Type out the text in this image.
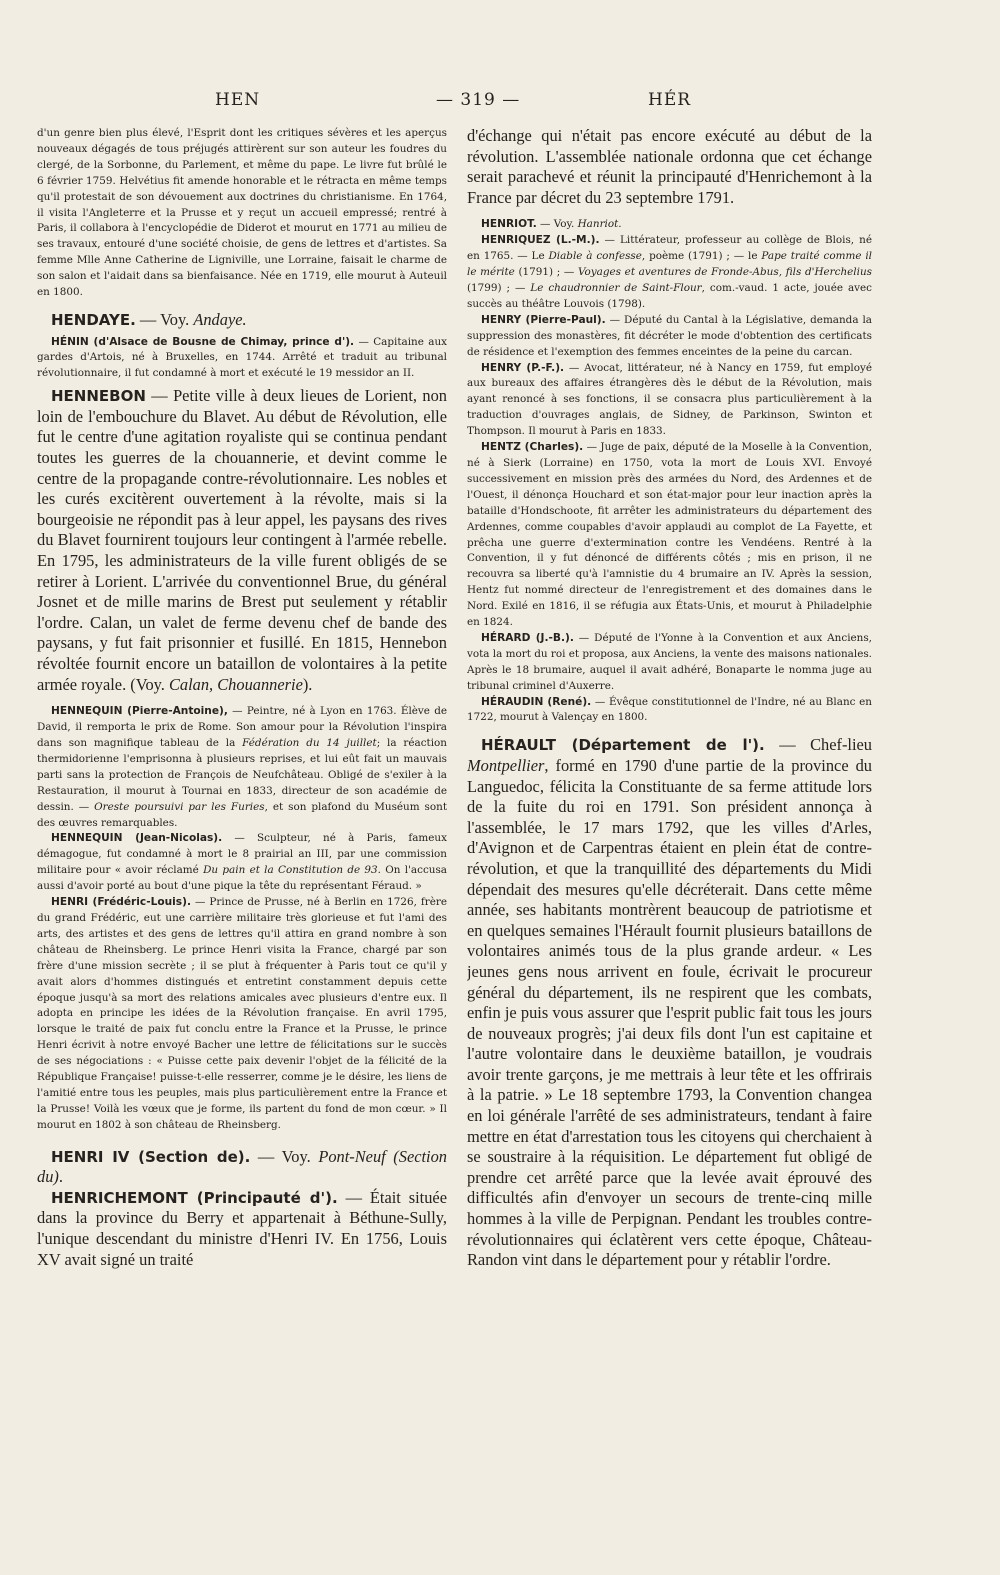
HEN	— 319 —	HÉR

d'un genre bien plus élevé, l'Esprit dont les critiques sévères et les aperçus nouveaux dégagés de tous préjugés attirèrent sur son auteur les foudres du clergé, de la Sorbonne, du Parlement, et même du pape. Le livre fut brûlé le 6 février 1759. Helvétius fit amende honorable et le rétracta en même temps qu'il protestait de son dévouement aux doctrines du christianisme. En 1764, il visita l'Angleterre et la Prusse et y reçut un accueil empressé; rentré à Paris, il collabora à l'encyclopédie de Diderot et mourut en 1771 au milieu de ses travaux, entouré d'une société choisie, de gens de lettres et d'artistes. Sa femme Mlle Anne Catherine de Ligniville, une Lorraine, faisait le charme de son salon et l'aidait dans sa bienfaisance. Née en 1719, elle mourut à Auteuil en 1800.

HENDAYE. — Voy. Andaye.

HÉNIN (d'Alsace de Bousne de Chimay, prince d'). — Capitaine aux gardes d'Artois, né à Bruxelles, en 1744. Arrêté et traduit au tribunal révolutionnaire, il fut condamné à mort et exécuté le 19 messidor an II.

HENNEBON — Petite ville à deux lieues de Lorient, non loin de l'embouchure du Blavet. Au début de Révolution, elle fut le centre d'une agitation royaliste qui se continua pendant toutes les guerres de la chouannerie, et devint comme le centre de la propagande contre-révolutionnaire. Les nobles et les curés excitèrent ouvertement à la révolte, mais si la bourgeoisie ne répondit pas à leur appel, les paysans des rives du Blavet fournirent toujours leur contingent à l'armée rebelle. En 1795, les administrateurs de la ville furent obligés de se retirer à Lorient. L'arrivée du conventionnel Brue, du général Josnet et de mille marins de Brest put seulement y rétablir l'ordre. Calan, un valet de ferme devenu chef de bande des paysans, y fut fait prisonnier et fusillé. En 1815, Hennebon révoltée fournit encore un bataillon de volontaires à la petite armée royale. (Voy. Calan, Chouannerie).

HENNEQUIN (Pierre-Antoine), — Peintre, né à Lyon en 1763. Élève de David, il remporta le prix de Rome. Son amour pour la Révolution l'inspira dans son magnifique tableau de la Fédération du 14 juillet; la réaction thermidorienne l'emprisonna à plusieurs reprises, et lui eût fait un mauvais parti sans la protection de François de Neufchâteau. Obligé de s'exiler à la Restauration, il mourut à Tournai en 1833, directeur de son académie de dessin. — Oreste poursuivi par les Furies, et son plafond du Muséum sont des œuvres remarquables.

HENNEQUIN (Jean-Nicolas). — Sculpteur, né à Paris, fameux démagogue, fut condamné à mort le 8 prairial an III, par une commission militaire pour « avoir réclamé Du pain et la Constitution de 93. On l'accusa aussi d'avoir porté au bout d'une pique la tête du représentant Féraud. »

HENRI (Frédéric-Louis). — Prince de Prusse, né à Berlin en 1726, frère du grand Frédéric, eut une carrière militaire très glorieuse et fut l'ami des arts, des artistes et des gens de lettres qu'il attira en grand nombre à son château de Rheinsberg. Le prince Henri visita la France, chargé par son frère d'une mission secrète ; il se plut à fréquenter à Paris tout ce qu'il y avait alors d'hommes distingués et entretint constamment depuis cette époque jusqu'à sa mort des relations amicales avec plusieurs d'entre eux. Il adopta en principe les idées de la Révolution française. En avril 1795, lorsque le traité de paix fut conclu entre la France et la Prusse, le prince Henri écrivit à notre envoyé Bacher une lettre de félicitations sur le succès de ses négociations : « Puisse cette paix devenir l'objet de la félicité de la République Française! puisse-t-elle resserrer, comme je le désire, les liens de l'amitié entre tous les peuples, mais plus particulièrement entre la France et la Prusse! Voilà les vœux que je forme, ils partent du fond de mon cœur. » Il mourut en 1802 à son château de Rheinsberg.

HENRI IV (Section de). — Voy. Pont-Neuf (Section du).

HENRICHEMONT (Principauté d'). — Était située dans la province du Berry et appartenait à Béthune-Sully, l'unique descendant du ministre d'Henri IV. En 1756, Louis XV avait signé un traité

d'échange qui n'était pas encore exécuté au début de la révolution. L'assemblée nationale ordonna que cet échange serait parachevé et réunit la principauté d'Henrichemont à la France par décret du 23 septembre 1791.

HENRIOT. — Voy. Hanriot.

HENRIQUEZ (L.-M.). — Littérateur, professeur au collège de Blois, né en 1765. — Le Diable à confesse, poème (1791) ; — le Pape traité comme il le mérite (1791) ; — Voyages et aventures de Fronde-Abus, fils d'Herchelius (1799) ; — Le chaudronnier de Saint-Flour, com.-vaud. 1 acte, jouée avec succès au théâtre Louvois (1798).

HENRY (Pierre-Paul). — Député du Cantal à la Législative, demanda la suppression des monastères, fit décréter le mode d'obtention des certificats de résidence et l'exemption des femmes enceintes de la peine du carcan.

HENRY (P.-F.). — Avocat, littérateur, né à Nancy en 1759, fut employé aux bureaux des affaires étrangères dès le début de la Révolution, mais ayant renoncé à ses fonctions, il se consacra plus particulièrement à la traduction d'ouvrages anglais, de Sidney, de Parkinson, Swinton et Thompson. Il mourut à Paris en 1833.

HENTZ (Charles). — Juge de paix, député de la Moselle à la Convention, né à Sierk (Lorraine) en 1750, vota la mort de Louis XVI. Envoyé successivement en mission près des armées du Nord, des Ardennes et de l'Ouest, il dénonça Houchard et son état-major pour leur inaction après la bataille d'Hondschoote, fit arrêter les administrateurs du département des Ardennes, comme coupables d'avoir applaudi au complot de La Fayette, et prêcha une guerre d'extermination contre les Vendéens. Rentré à la Convention, il y fut dénoncé de différents côtés ; mis en prison, il ne recouvra sa liberté qu'à l'amnistie du 4 brumaire an IV. Après la session, Hentz fut nommé directeur de l'enregistrement et des domaines dans le Nord. Exilé en 1816, il se réfugia aux États-Unis, et mourut à Philadelphie en 1824.

HÉRARD (J.-B.). — Député de l'Yonne à la Convention et aux Anciens, vota la mort du roi et proposa, aux Anciens, la vente des maisons nationales. Après le 18 brumaire, auquel il avait adhéré, Bonaparte le nomma juge au tribunal criminel d'Auxerre.

HÉRAUDIN (René). — Évêque constitutionnel de l'Indre, né au Blanc en 1722, mourut à Valençay en 1800.

HÉRAULT (Département de l'). — Chef-lieu Montpellier, formé en 1790 d'une partie de la province du Languedoc, félicita la Constituante de sa ferme attitude lors de la fuite du roi en 1791. Son président annonça à l'assemblée, le 17 mars 1792, que les villes d'Arles, d'Avignon et de Carpentras étaient en plein état de contre-révolution, et que la tranquillité des départements du Midi dépendait des mesures qu'elle décréterait. Dans cette même année, ses habitants montrèrent beaucoup de patriotisme et en quelques semaines l'Hérault fournit plusieurs bataillons de volontaires animés tous de la plus grande ardeur. « Les jeunes gens nous arrivent en foule, écrivait le procureur général du département, ils ne respirent que les combats, enfin je puis vous assurer que l'esprit public fait tous les jours de nouveaux progrès; j'ai deux fils dont l'un est capitaine et l'autre volontaire dans le deuxième bataillon, je voudrais avoir trente garçons, je me mettrais à leur tête et les offrirais à la patrie. » Le 18 septembre 1793, la Convention changea en loi générale l'arrêté de ses administrateurs, tendant à faire mettre en état d'arrestation tous les citoyens qui cherchaient à se soustraire à la réquisition. Le département fut obligé de prendre cet arrêté parce que la levée avait éprouvé des difficultés afin d'envoyer un secours de trente-cinq mille hommes à la ville de Perpignan. Pendant les troubles contre-révolutionnaires qui éclatèrent vers cette époque, Château-Randon vint dans le département pour y rétablir l'ordre.
